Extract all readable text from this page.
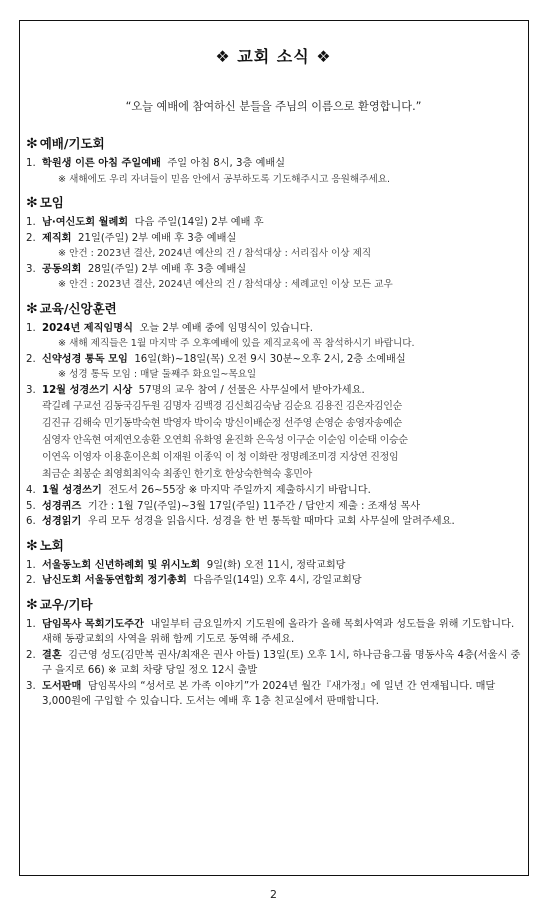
❖ 교회 소식 ❖
“오늘 예배에 참여하신 분들을 주님의 이름으로 환영합니다.”
✻ 예배/기도회

1. 학원생 이른 아침 주일예배 주일 아침 8시, 3층 예배실

※ 새해에도 우리 자녀들이 믿음 안에서 공부하도록 기도해주시고 응원해주세요.

✻ 모임

1. 남·여신도회 월례회 다음 주일(14일) 2부 예배 후

2. 제직회 21일(주일) 2부 예배 후 3층 예배실

※ 안건 : 2023년 결산, 2024년 예산의 건 / 참석대상 : 서리집사 이상 제직

3. 공동의회 28일(주일) 2부 예배 후 3층 예배실

※ 안건 : 2023년 결산, 2024년 예산의 건 / 참석대상 : 세례교인 이상 모든 교우

✻ 교육/신앙훈련

1. 2024년 제직임명식 오늘 2부 예배 중에 임명식이 있습니다.

※ 새해 제직들은 1월 마지막 주 오후예배에 있을 제직교육에 꼭 참석하시기 바랍니다.

2. 신약성경 통독 모임 16일(화)~18일(목) 오전 9시 30분~오후 2시, 2층 소예배실

※ 성경 통독 모임 : 매달 둘째주 화요일~목요일

3. 12월 성경쓰기 시상 57명의 교우 참여 / 선물은 사무실에서 받아가세요.

곽길례 구교선 김동국김두원 김명자 김백경 김신희김숙남 김순요 김용진 김은자김인순

김진규 김해숙 민기동박숙현 박영자 박이숙 방신이배순정 선주영 손영순 송영자송예순

심영자 안옥현 여제연오송환 오연희 유화영 윤진화 은옥성 이구순 이순임 이순태 이승순

이연옥 이영자 이용훈이은희 이재원 이종익 이 청 이화란 정명례조미경 지상연 진정임

최금순 최봉순 최영희최익숙 최종인 한기호 한상숙한혁숙 홍민아

4. 1월 성경쓰기 전도서 26~55장 ※ 마지막 주일까지 제출하시기 바랍니다.

5. 성경퀴즈 기간 : 1월 7일(주일)~3월 17일(주일) 11주간 / 답안지 제출 : 조재성 목사

6. 성경읽기 우리 모두 성경을 읽읍시다. 성경을 한 번 통독할 때마다 교회 사무실에 알려주세요.

✻ 노회

1. 서울동노회 신년하례회 및 위시노회 9일(화) 오전 11시, 정락교회당

2. 남신도회 서울동연합회 정기총회 다음주일(14일) 오후 4시, 강일교회당

✻ 교우/기타

1. 담임목사 목회기도주간 내일부터 금요일까지 기도원에 올라가 올해 목회사역과 성도들을 위해 기도합니다. 새해 동광교회의 사역을 위해 함께 기도로 동역해 주세요.

2. 결혼 김근영 성도(김만복 권사/최재은 권사 아들) 13일(토) 오후 1시, 하나금융그룹 명동사옥 4층(서울시 중구 을지로 66) ※ 교회 차량 당일 정오 12시 출발

3. 도서판매 담임목사의 “성서로 본 가족 이야기”가 2024년 월간『새가정』에 일년 간 연재됩니다. 매달 3,000원에 구입할 수 있습니다. 도서는 예배 후 1층 친교실에서 판매합니다.

2
